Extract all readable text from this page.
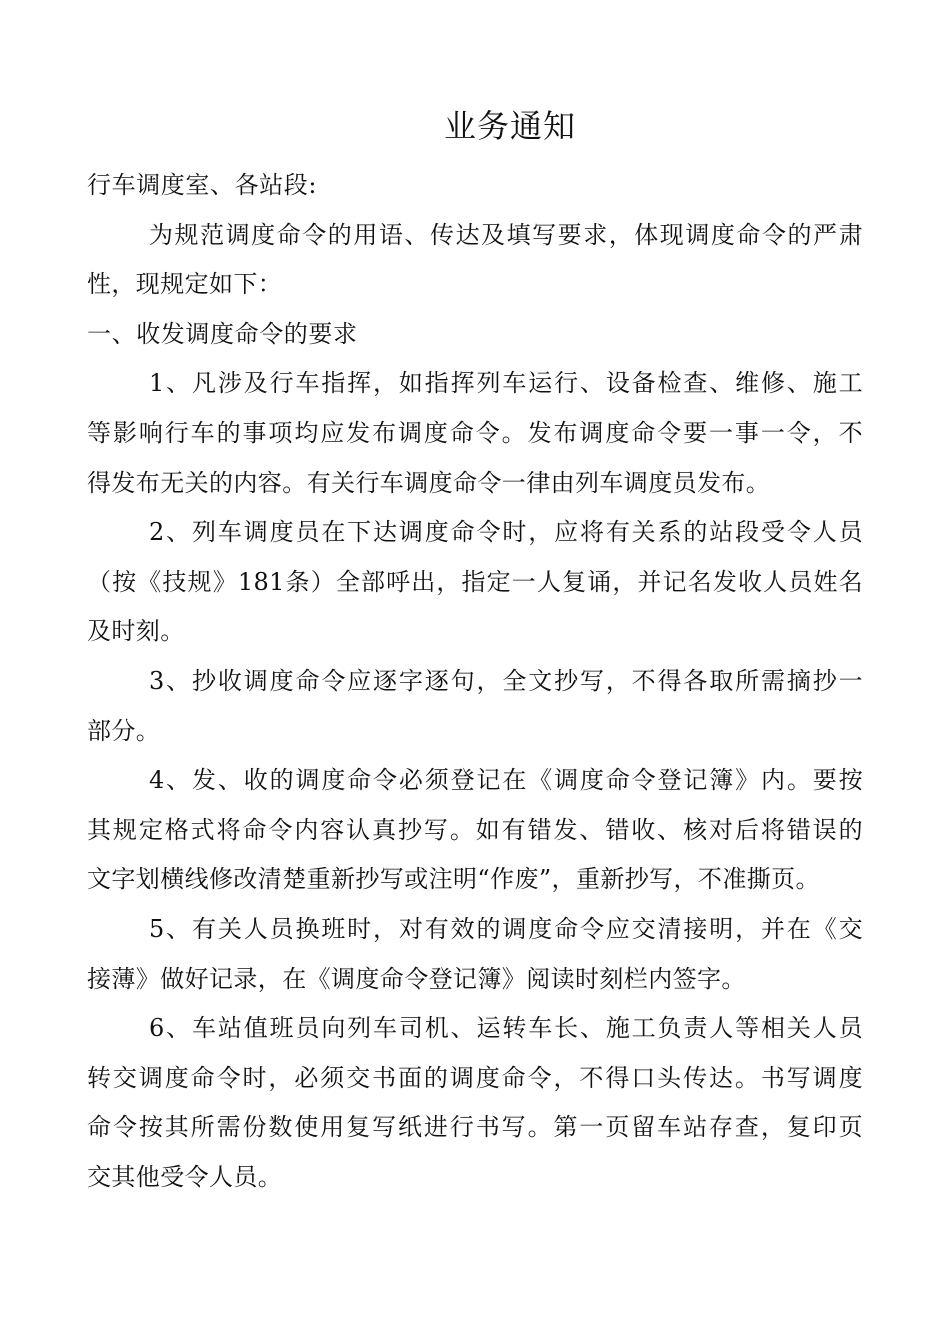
业务通知

行车调度室、各站段:

为规范调度命令的用语、传达及填写要求，体现调度命令的严肃
性，现规定如下：

一、收发调度命令的要求

1、凡涉及行车指挥，如指挥列车运行、设备检查、维修、施工
等影响行车的事项均应发布调度命令。发布调度命令要一事一令，不
得发布无关的内容。有关行车调度命令一律由列车调度员发布。

2、列车调度员在下达调度命令时，应将有关系的站段受令人员
（按《技规》181条）全部呼出，指定一人复诵，并记名发收人员姓名
及时刻。

3、抄收调度命令应逐字逐句，全文抄写，不得各取所需摘抄一
部分。

4、发、收的调度命令必须登记在《调度命令登记簿》内。要按
其规定格式将命令内容认真抄写。如有错发、错收、核对后将错误的
文字划横线修改清楚重新抄写或注明“作废”，重新抄写，不准撕页。

5、有关人员换班时，对有效的调度命令应交清接明，并在《交
接薄》做好记录，在《调度命令登记簿》阅读时刻栏内签字。

6、车站值班员向列车司机、运转车长、施工负责人等相关人员
转交调度命令时，必须交书面的调度命令，不得口头传达。书写调度
命令按其所需份数使用复写纸进行书写。第一页留车站存查，复印页
交其他受令人员。
